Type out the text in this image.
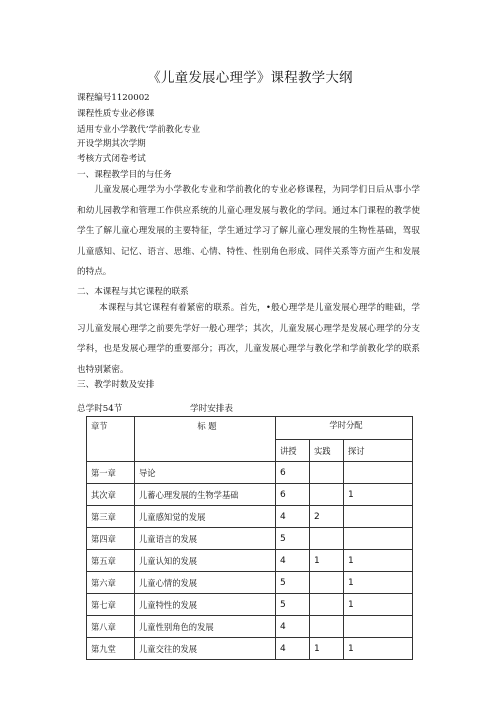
《儿童发展心理学》课程教学大纲
课程编号1120002
课程性质专业必修课
适用专业小学教代’学前教化专业
开设学期其次学期
考核方式闭卷考试
一、课程教学目的与任务
儿童发展心理学为小学教化专业和学前教化的专业必修课程，为同学们日后从事小学和幼儿园教学和管理工作供应系统的儿童心理发展与教化的学问。通过本门课程的教学使学生了解儿童心理发展的主要特征，学生通过学习了解儿童心理发展的生物性基础，驾驭儿童感知、记忆、语言、思维、心情、特性、性别角色形成、同伴关系等方面产生和发展的特点。
二、本课程与其它课程的联系
本课程与其它课程有着紧密的联系。首先，•般心理学是儿童发展心理学的畦础，学习儿童发展心理学之前要先学好一般心理学；其次，儿童发展心理学是发展心理学的分支学科，也是发展心理学的重要部分；再次，儿童发展心理学与教化学和学前教化学的联系也特别紧密。
三、教学时数及安排
总学时54节	学时安排表
章节	标 题	学时分配		
		讲授	实践	探讨
第一章	导论	6		
其次章	儿蓄心理发展的生物学基础	6		1
第三章	儿童感知觉的发展	4	2	
第四章	儿童语言的发展	5		
第五章	儿童认知的发展	4	1	1
第六章	儿童心情的发展	5		1
第七章	儿童特性的发展	5		1
第八章	儿童性别角色的发展	4		
第九堂	儿童交往的发展	4	1	1
